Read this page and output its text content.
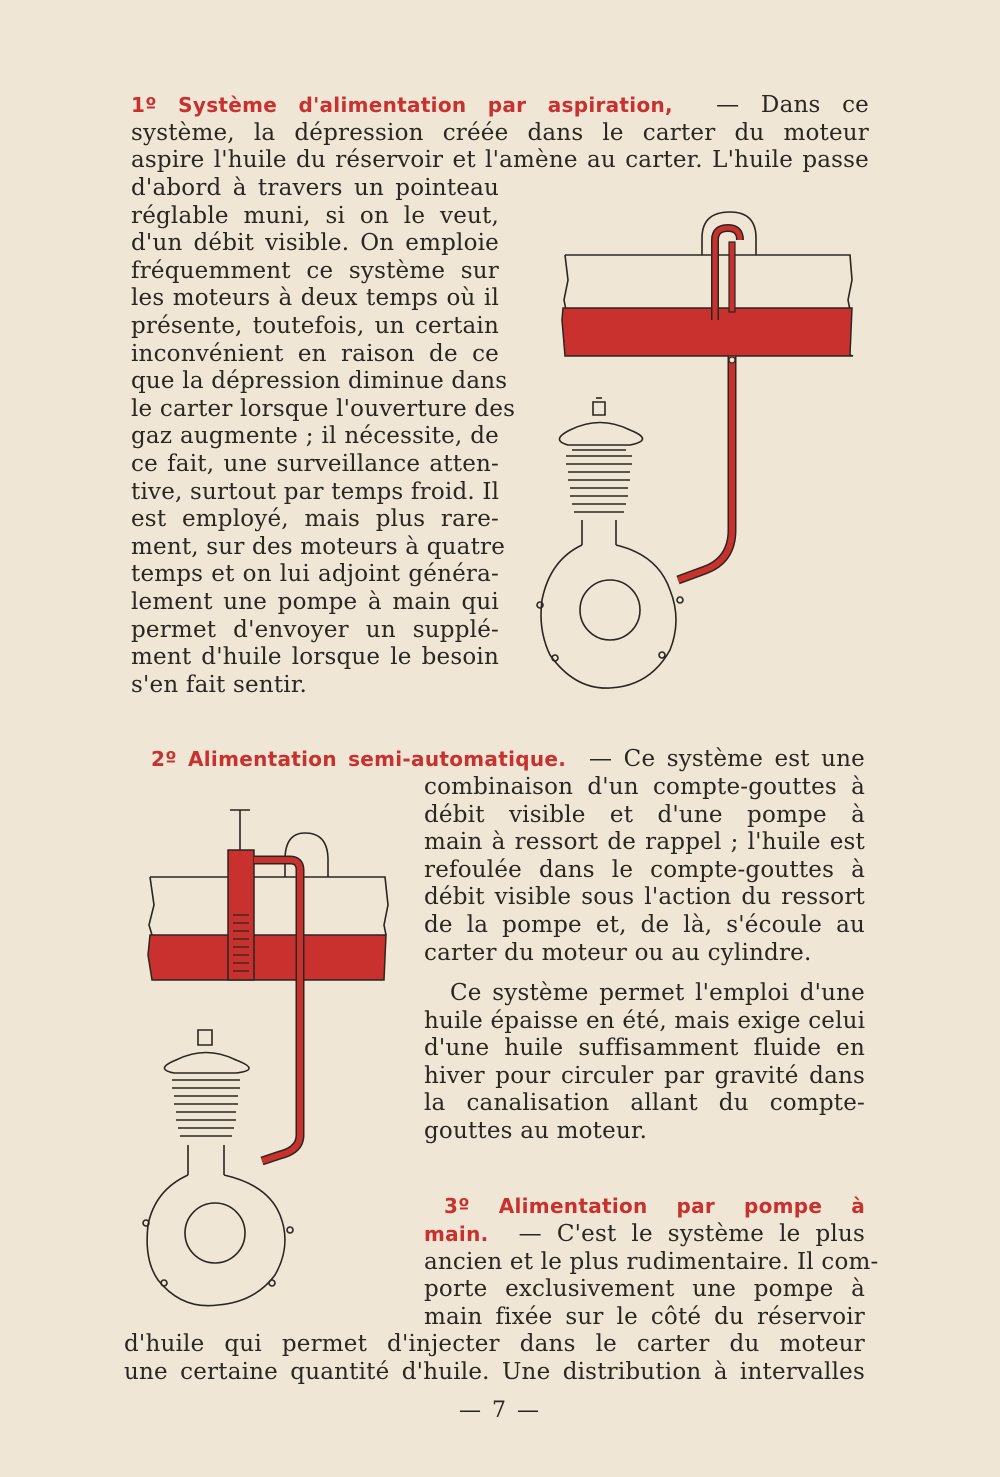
1º Système d'alimentation par aspiration, — Dans ce
système, la dépression créée dans le carter du moteur
aspire l'huile du réservoir et l'amène au carter. L'huile passe
d'abord à travers un pointeau
réglable muni, si on le veut,
d'un débit visible. On emploie
fréquemment ce système sur
les moteurs à deux temps où il
présente, toutefois, un certain
inconvénient en raison de ce
que la dépression diminue dans
le carter lorsque l'ouverture des
gaz augmente ; il nécessite, de
ce fait, une surveillance atten-
tive, surtout par temps froid. Il
est employé, mais plus rare-
ment, sur des moteurs à quatre
temps et on lui adjoint généra-
lement une pompe à main qui
permet d'envoyer un supplé-
ment d'huile lorsque le besoin
s'en fait sentir.
2º Alimentation semi-automatique. — Ce système est une
combinaison d'un compte-gouttes à
débit visible et d'une pompe à
main à ressort de rappel ; l'huile est
refoulée dans le compte-gouttes à
débit visible sous l'action du ressort
de la pompe et, de là, s'écoule au
carter du moteur ou au cylindre.
Ce système permet l'emploi d'une
huile épaisse en été, mais exige celui
d'une huile suffisamment fluide en
hiver pour circuler par gravité dans
la canalisation allant du compte-
gouttes au moteur.
3º Alimentation par pompe à
main. — C'est le système le plus
ancien et le plus rudimentaire. Il com-
porte exclusivement une pompe à
main fixée sur le côté du réservoir
d'huile qui permet d'injecter dans le carter du moteur
une certaine quantité d'huile. Une distribution à intervalles
— 7 —
